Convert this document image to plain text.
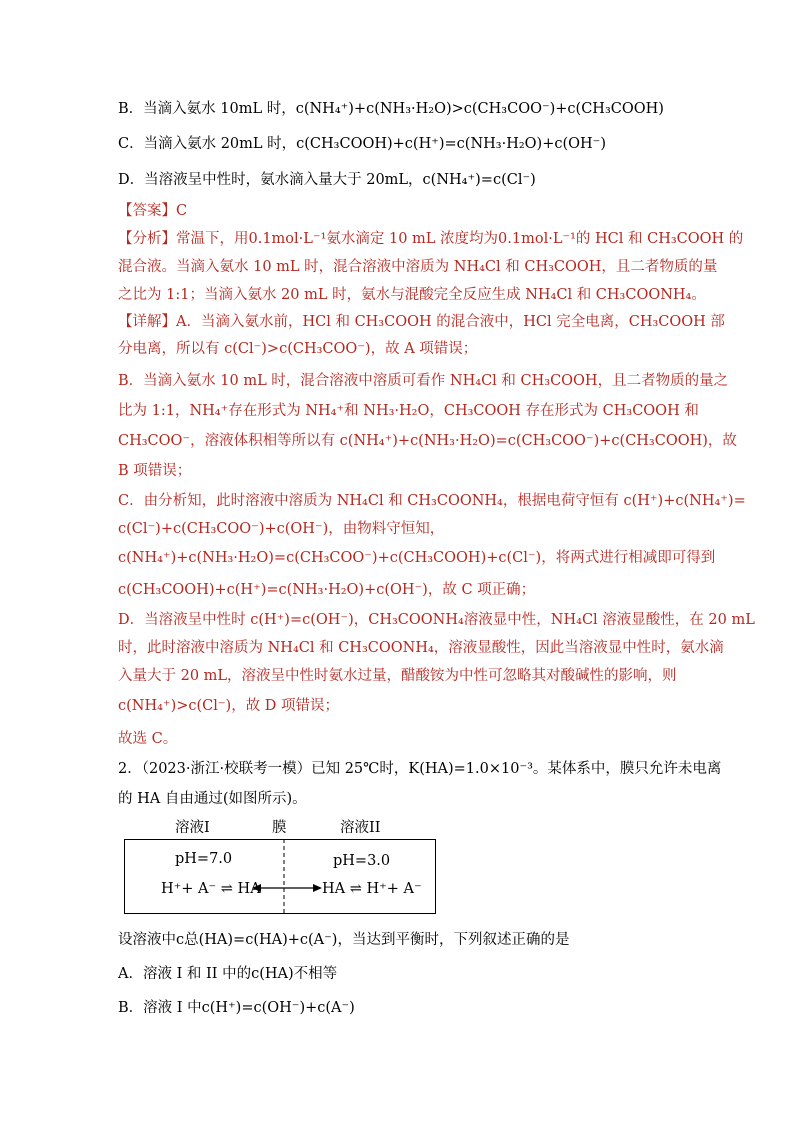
B．当滴入氨水 10mL 时，c(NH₄⁺)+c(NH₃·H₂O)>c(CH₃COO⁻)+c(CH₃COOH)
C．当滴入氨水 20mL 时，c(CH₃COOH)+c(H⁺)=c(NH₃·H₂O)+c(OH⁻)
D．当溶液呈中性时，氨水滴入量大于 20mL，c(NH₄⁺)=c(Cl⁻)
【答案】C
【分析】常温下，用0.1mol·L⁻¹氨水滴定 10 mL 浓度均为0.1mol·L⁻¹的 HCl 和 CH₃COOH 的
混合液。当滴入氨水 10 mL 时，混合溶液中溶质为 NH₄Cl 和 CH₃COOH，且二者物质的量
之比为 1:1；当滴入氨水 20 mL 时，氨水与混酸完全反应生成 NH₄Cl 和 CH₃COONH₄。
【详解】A．当滴入氨水前，HCl 和 CH₃COOH 的混合液中，HCl 完全电离，CH₃COOH 部
分电离，所以有 c(Cl⁻)>c(CH₃COO⁻)，故 A 项错误；
B．当滴入氨水 10 mL 时，混合溶液中溶质可看作 NH₄Cl 和 CH₃COOH，且二者物质的量之
比为 1:1，NH₄⁺存在形式为 NH₄⁺和 NH₃·H₂O，CH₃COOH 存在形式为 CH₃COOH 和
CH₃COO⁻，溶液体积相等所以有 c(NH₄⁺)+c(NH₃·H₂O)=c(CH₃COO⁻)+c(CH₃COOH)，故
B 项错误；
C．由分析知，此时溶液中溶质为 NH₄Cl 和 CH₃COONH₄，根据电荷守恒有 c(H⁺)+c(NH₄⁺)=
c(Cl⁻)+c(CH₃COO⁻)+c(OH⁻)，由物料守恒知，
c(NH₄⁺)+c(NH₃·H₂O)=c(CH₃COO⁻)+c(CH₃COOH)+c(Cl⁻)，将两式进行相减即可得到
c(CH₃COOH)+c(H⁺)=c(NH₃·H₂O)+c(OH⁻)，故 C 项正确；
D．当溶液呈中性时 c(H⁺)=c(OH⁻)，CH₃COONH₄溶液显中性，NH₄Cl 溶液显酸性，在 20 mL
时，此时溶液中溶质为 NH₄Cl 和 CH₃COONH₄，溶液显酸性，因此当溶液显中性时，氨水滴
入量大于 20 mL，溶液呈中性时氨水过量，醋酸铵为中性可忽略其对酸碱性的影响，则
c(NH₄⁺)>c(Cl⁻)，故 D 项错误；
故选 C。
2．（2023·浙江·校联考一模）已知 25℃时，K(HA)=1.0×10⁻³。某体系中，膜只允许未电离
的 HA 自由通过(如图所示)。
溶液I	膜	溶液II
pH=7.0	pH=3.0
H⁺+ A⁻ ⇌ HA	HA ⇌ H⁺+ A⁻
设溶液中c总(HA)=c(HA)+c(A⁻)，当达到平衡时，下列叙述正确的是
A．溶液 I 和 II 中的c(HA)不相等
B．溶液 I 中c(H⁺)=c(OH⁻)+c(A⁻)
